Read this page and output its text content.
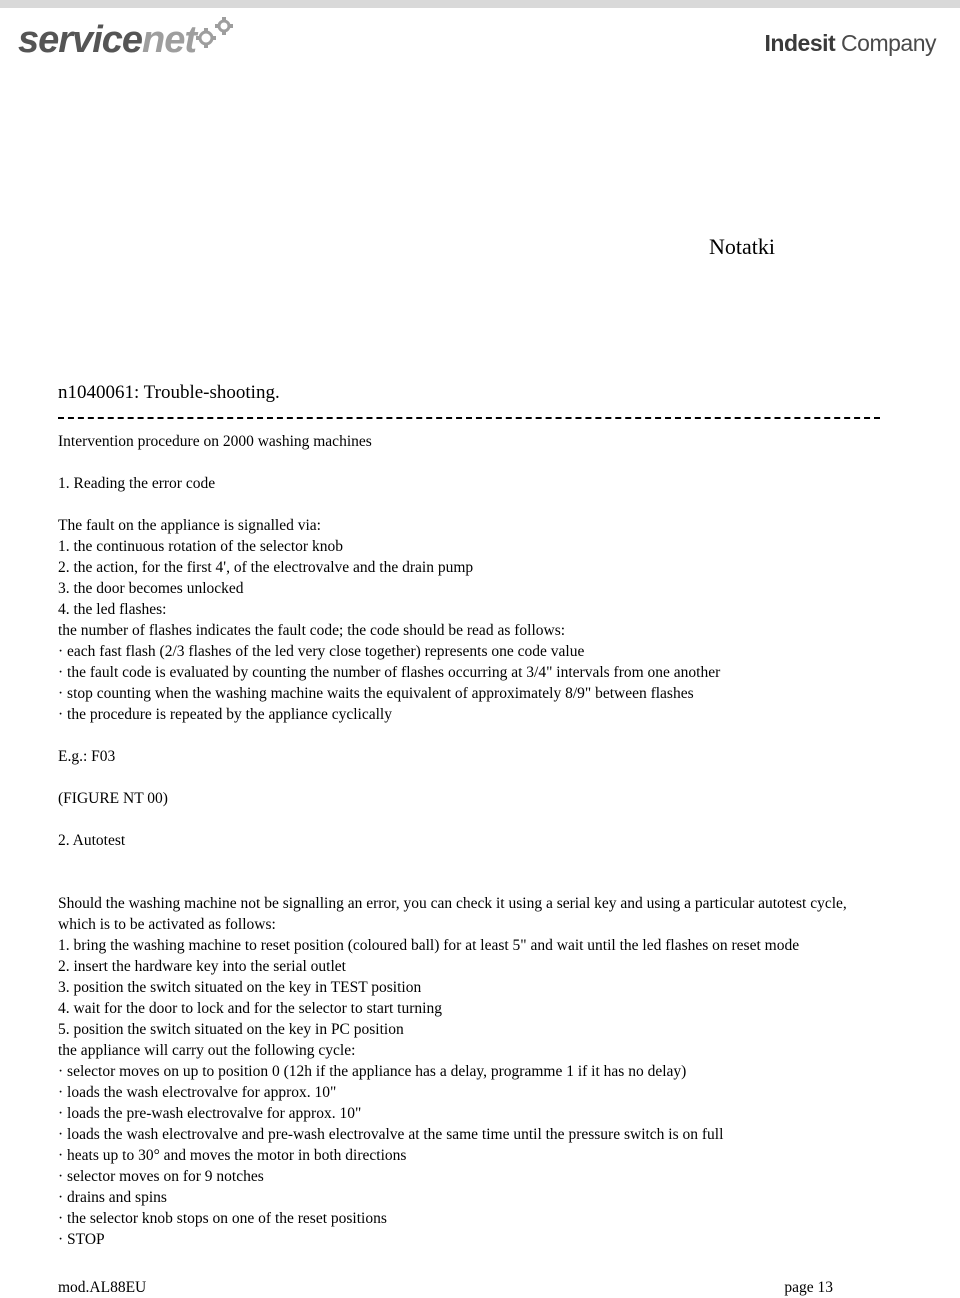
servicenet	Indesit Company
Notatki
n1040061: Trouble-shooting.
Intervention procedure on 2000 washing machines
1. Reading the error code
The fault on the appliance is signalled via:
1. the continuous rotation of the selector knob
2. the action, for the first 4', of the electrovalve and the drain pump
3. the door becomes unlocked
4. the led flashes:
the number of flashes indicates the fault code; the code should be read as follows:
· each fast flash (2/3 flashes of the led very close together) represents one code value
· the fault code is evaluated by counting the number of flashes occurring at 3/4" intervals from one another
· stop counting when the washing machine waits the equivalent of approximately 8/9" between flashes
· the procedure is repeated by the appliance cyclically
E.g.: F03
(FIGURE NT 00)
2. Autotest
Should the washing machine not be signalling an error, you can check it using a serial key and using a particular autotest cycle,
which is to be activated as follows:
1. bring the washing machine to reset position (coloured ball) for at least 5" and wait until the led flashes on reset mode
2. insert the hardware key into the serial outlet
3. position the switch situated on the key in TEST position
4. wait for the door to lock and for the selector to start turning
5. position the switch situated on the key in PC position
the appliance will carry out the following cycle:
· selector moves on up to position 0 (12h if the appliance has a delay, programme 1 if it has no delay)
· loads the wash electrovalve for approx. 10"
· loads the pre-wash electrovalve for approx. 10"
· loads the wash electrovalve and pre-wash electrovalve at the same time until the pressure switch is on full
· heats up to 30° and moves the motor in both directions
· selector moves on for 9 notches
· drains and spins
· the selector knob stops on one of the reset positions
· STOP
mod.AL88EU	page 13
